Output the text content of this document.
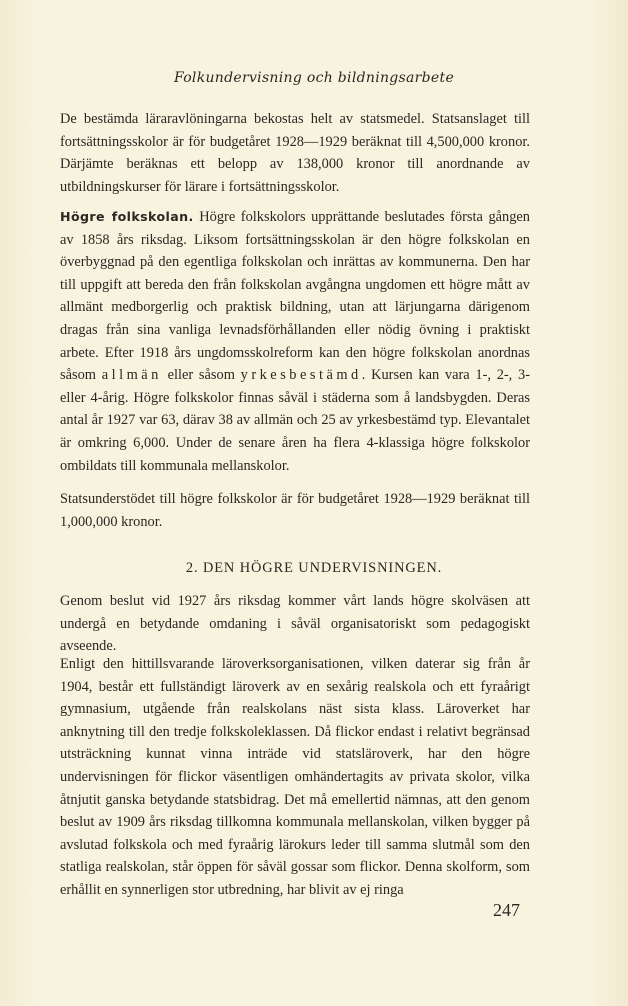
Folkundervisning och bildningsarbete

De bestämda läraravlöningarna bekostas helt av statsmedel. Statsanslaget till fortsättningsskolor är för budgetåret 1928—1929 beräknat till 4,500,000 kronor. Därjämte beräknas ett belopp av 138,000 kronor till anordnande av utbildningskurser för lärare i fortsättningsskolor.

Högre folkskolan. Högre folkskolors upprättande beslutades första gången av 1858 års riksdag. Liksom fortsättningsskolan är den högre folkskolan en överbyggnad på den egentliga folkskolan och inrättas av kommunerna. Den har till uppgift att bereda den från folkskolan avgångna ungdomen ett högre mått av allmänt medborgerlig och praktisk bildning, utan att lärjungarna därigenom dragas från sina vanliga levnadsförhållanden eller nödig övning i praktiskt arbete. Efter 1918 års ungdomsskolreform kan den högre folkskolan anordnas såsom allmän eller såsom yrkesbestämd. Kursen kan vara 1-, 2-, 3- eller 4-årig. Högre folkskolor finnas såväl i städerna som å landsbygden. Deras antal år 1927 var 63, därav 38 av allmän och 25 av yrkesbestämd typ. Elevantalet är omkring 6,000. Under de senare åren ha flera 4-klassiga högre folkskolor ombildats till kommunala mellanskolor.

Statsunderstödet till högre folkskolor är för budgetåret 1928—1929 beräknat till 1,000,000 kronor.

2. DEN HÖGRE UNDERVISNINGEN.

Genom beslut vid 1927 års riksdag kommer vårt lands högre skolväsen att undergå en betydande omdaning i såväl organisatoriskt som pedagogiskt avseende.

Enligt den hittillsvarande läroverksorganisationen, vilken daterar sig från år 1904, består ett fullständigt läroverk av en sexårig realskola och ett fyraårigt gymnasium, utgående från realskolans näst sista klass. Läroverket har anknytning till den tredje folkskoleklassen. Då flickor endast i relativt begränsad utsträckning kunnat vinna inträde vid statsläroverk, har den högre undervisningen för flickor väsentligen omhändertagits av privata skolor, vilka åtnjutit ganska betydande statsbidrag. Det må emellertid nämnas, att den genom beslut av 1909 års riksdag tillkomna kommunala mellanskolan, vilken bygger på avslutad folkskola och med fyraårig lärokurs leder till samma slutmål som den statliga realskolan, står öppen för såväl gossar som flickor. Denna skolform, som erhållit en synnerligen stor utbredning, har blivit av ej ringa

247
